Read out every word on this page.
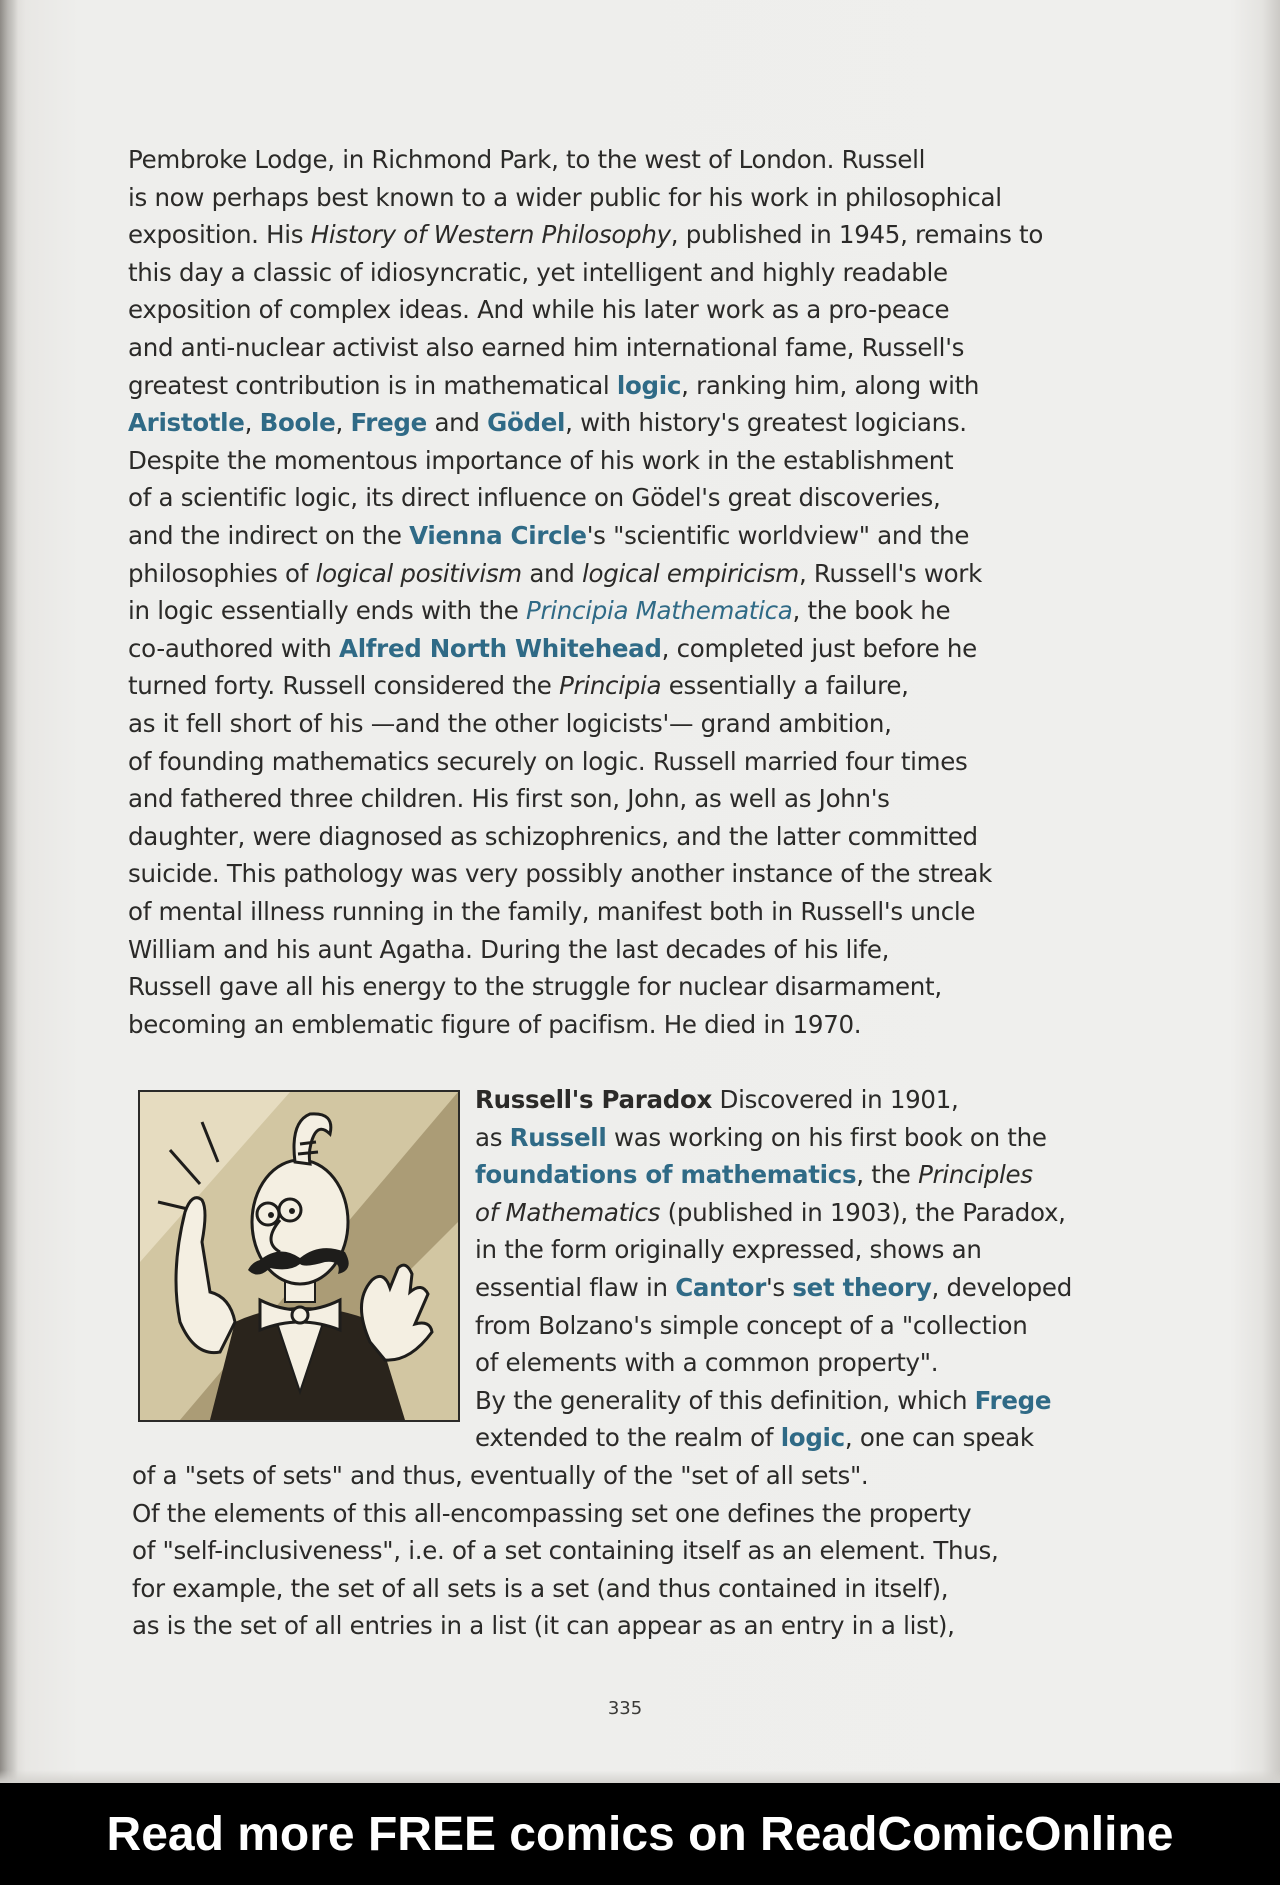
Pembroke Lodge, in Richmond Park, to the west of London. Russell

is now perhaps best known to a wider public for his work in philosophical

exposition. His History of Western Philosophy, published in 1945, remains to

this day a classic of idiosyncratic, yet intelligent and highly readable

exposition of complex ideas. And while his later work as a pro-peace

and anti-nuclear activist also earned him international fame, Russell's

greatest contribution is in mathematical logic, ranking him, along with

Aristotle, Boole, Frege and Gödel, with history's greatest logicians.

Despite the momentous importance of his work in the establishment

of a scientific logic, its direct influence on Gödel's great discoveries,

and the indirect on the Vienna Circle's "scientific worldview" and the

philosophies of logical positivism and logical empiricism, Russell's work

in logic essentially ends with the Principia Mathematica, the book he

co-authored with Alfred North Whitehead, completed just before he

turned forty. Russell considered the Principia essentially a failure,

as it fell short of his —and the other logicists'— grand ambition,

of founding mathematics securely on logic. Russell married four times

and fathered three children. His first son, John, as well as John's

daughter, were diagnosed as schizophrenics, and the latter committed

suicide. This pathology was very possibly another instance of the streak

of mental illness running in the family, manifest both in Russell's uncle

William and his aunt Agatha. During the last decades of his life,

Russell gave all his energy to the struggle for nuclear disarmament,

becoming an emblematic figure of pacifism. He died in 1970.

Russell's Paradox Discovered in 1901,

as Russell was working on his first book on the

foundations of mathematics, the Principles

of Mathematics (published in 1903), the Paradox,

in the form originally expressed, shows an

essential flaw in Cantor's set theory, developed

from Bolzano's simple concept of a "collection

of elements with a common property".

By the generality of this definition, which Frege

extended to the realm of logic, one can speak

of a "sets of sets" and thus, eventually of the "set of all sets".

Of the elements of this all-encompassing set one defines the property

of "self-inclusiveness", i.e. of a set containing itself as an element. Thus,

for example, the set of all sets is a set (and thus contained in itself),

as is the set of all entries in a list (it can appear as an entry in a list),

335

Read more FREE comics on ReadComicOnline
